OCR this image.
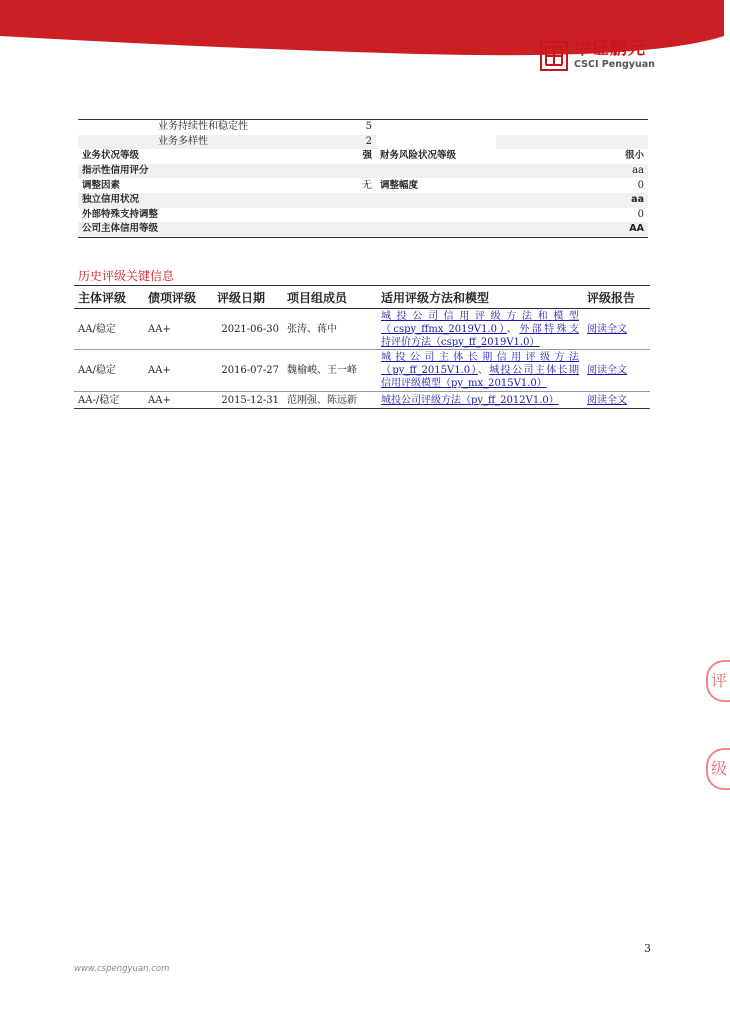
中证鹏元
CSCI Pengyuan
业务持续性和稳定性	5		
业务多样性	2		
业务状况等级	强	财务风险状况等级	很小
指示性信用评分			aa
调整因素	无	调整幅度	0
独立信用状况			aa
外部特殊支持调整			0
公司主体信用等级			AA
历史评级关键信息
主体评级	债项评级	评级日期	项目组成员	适用评级方法和模型	评级报告
AA/稳定	AA+	2021-06-30	张涛、蒋中	城投公司信用评级方法和模型
（cspy_ffmx_2019V1.0）、外部特殊支
持评价方法（cspy_ff_2019V1.0）	阅读全文
AA/稳定	AA+	2016-07-27	魏榆峻、王一峰	城投公司主体长期信用评级方法
（py_ff_2015V1.0）、城投公司主体长期
信用评级模型（py_mx_2015V1.0）	阅读全文
AA-/稳定	AA+	2015-12-31	范刚强、陈远新	城投公司评级方法（py_ff_2012V1.0）	阅读全文
评
级
3
www.cspengyuan.com
